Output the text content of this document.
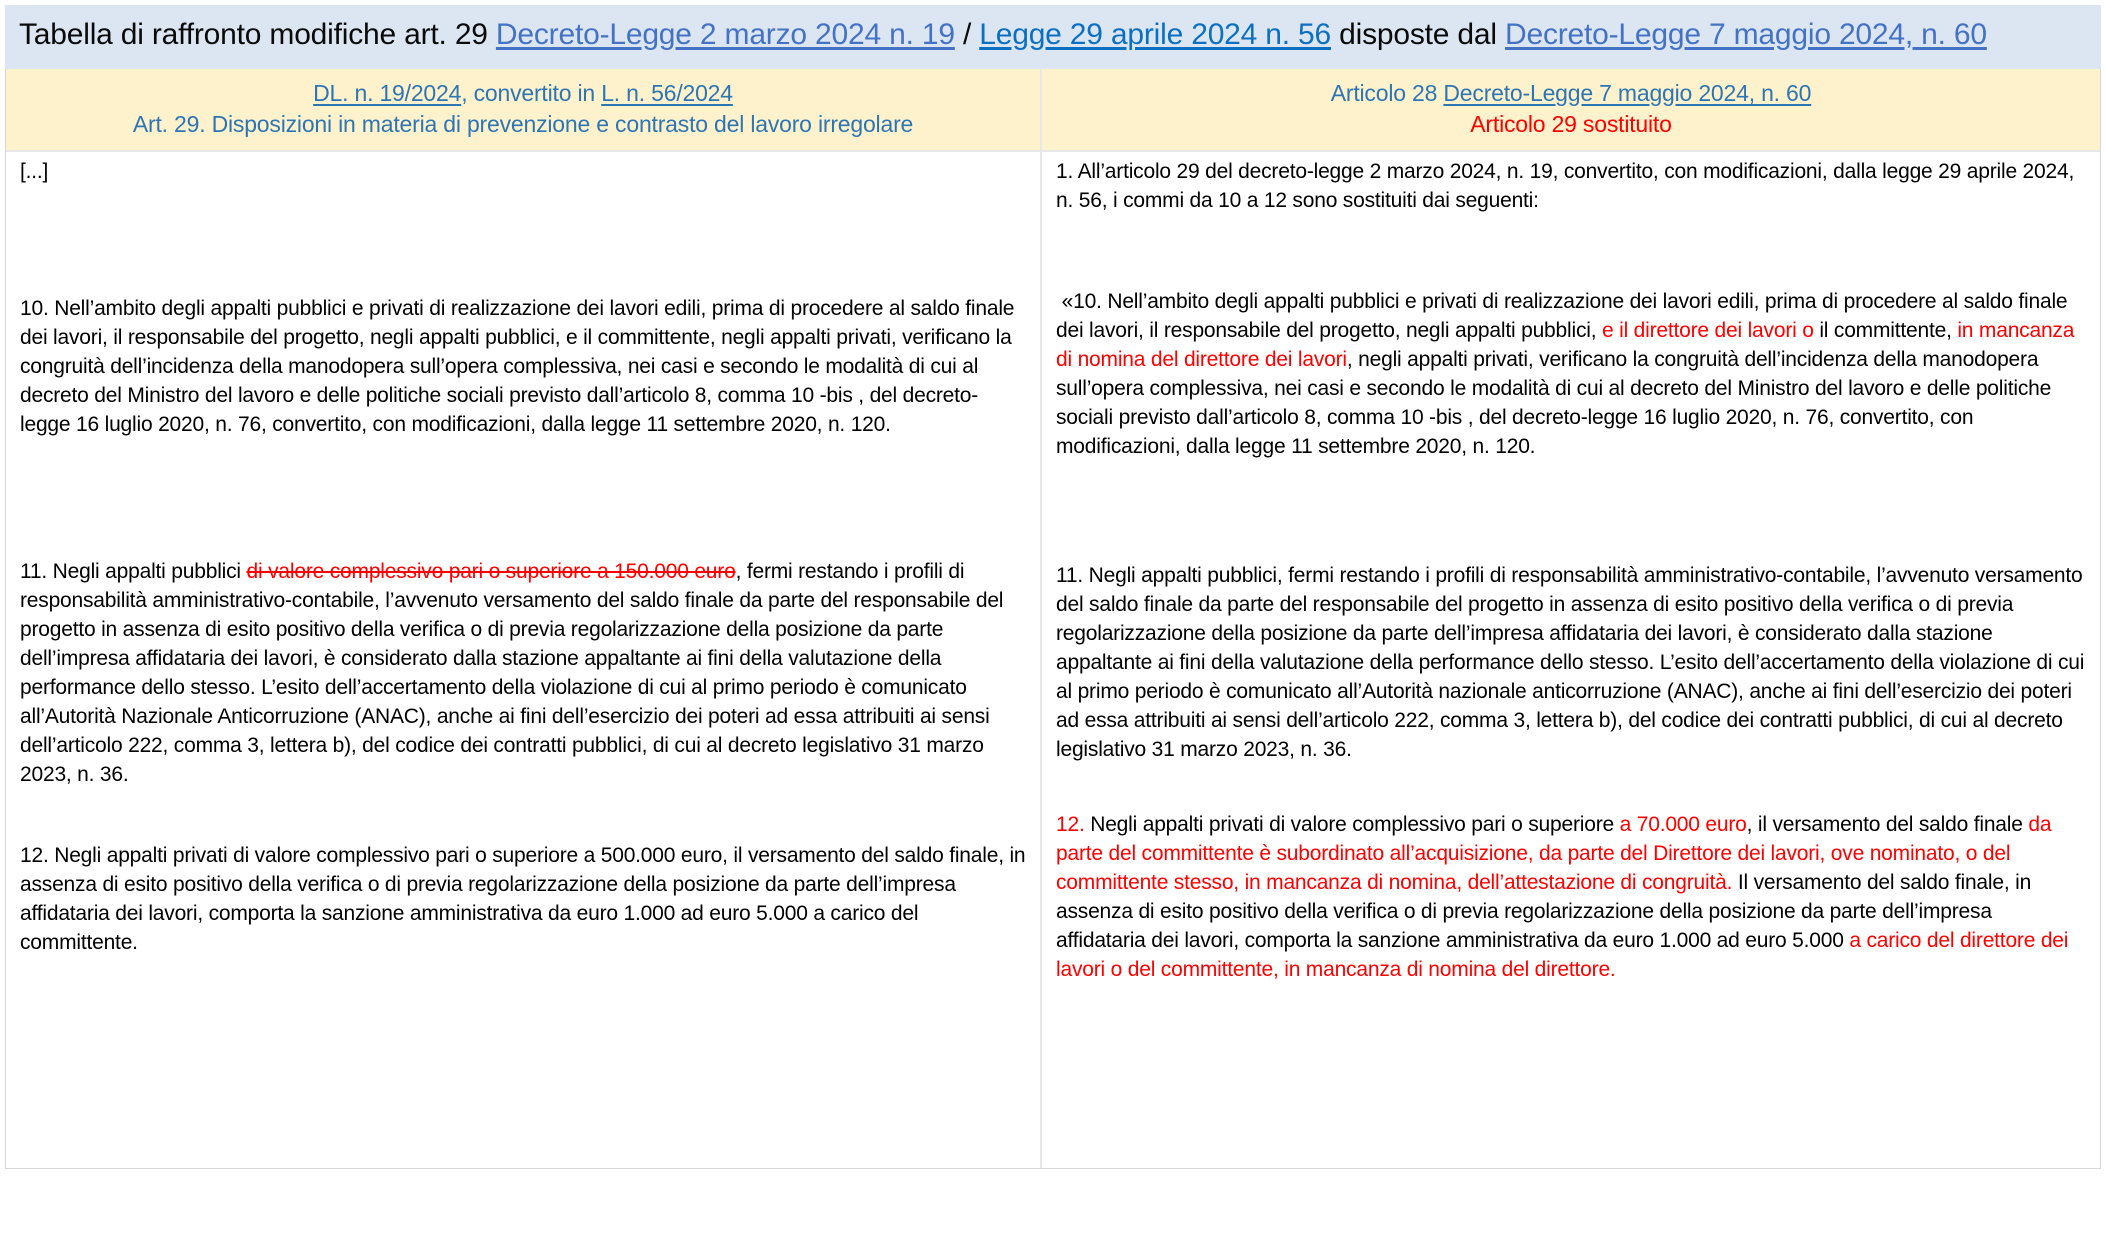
Tabella di raffronto modifiche art. 29 Decreto-Legge 2 marzo 2024 n. 19 / Legge 29 aprile 2024 n. 56 disposte dal Decreto-Legge 7 maggio 2024, n. 60
DL. n. 19/2024, convertito in L. n. 56/2024
Art. 29. Disposizioni in materia di prevenzione e contrasto del lavoro irregolare
Articolo 28 Decreto-Legge 7 maggio 2024, n. 60
Articolo 29 sostituito

[...]

10. Nell’ambito degli appalti pubblici e privati di realizzazione dei lavori edili, prima di procedere al saldo finale dei lavori, il responsabile del progetto, negli appalti pubblici, e il committente, negli appalti privati, verificano la congruità dell’incidenza della manodopera sull’opera complessiva, nei casi e secondo le modalità di cui al decreto del Ministro del lavoro e delle politiche sociali previsto dall’articolo 8, comma 10 -bis , del decreto-legge 16 luglio 2020, n. 76, convertito, con modificazioni, dalla legge 11 settembre 2020, n. 120.

11. Negli appalti pubblici di valore complessivo pari o superiore a 150.000 euro, fermi restando i profili di responsabilità amministrativo-contabile, l’avvenuto versamento del saldo finale da parte del responsabile del progetto in assenza di esito positivo della verifica o di previa regolarizzazione della posizione da parte dell’impresa affidataria dei lavori, è considerato dalla stazione appaltante ai fini della valutazione della performance dello stesso. L’esito dell’accertamento della violazione di cui al primo periodo è comunicato all’Autorità Nazionale Anticorruzione (ANAC), anche ai fini dell’esercizio dei poteri ad essa attribuiti ai sensi dell’articolo 222, comma 3, lettera b), del codice dei contratti pubblici, di cui al decreto legislativo 31 marzo 2023, n. 36.

12. Negli appalti privati di valore complessivo pari o superiore a 500.000 euro, il versamento del saldo finale, in assenza di esito positivo della verifica o di previa regolarizzazione della posizione da parte dell’impresa affidataria dei lavori, comporta la sanzione amministrativa da euro 1.000 ad euro 5.000 a carico del committente.

1. All’articolo 29 del decreto-legge 2 marzo 2024, n. 19, convertito, con modificazioni, dalla legge 29 aprile 2024, n. 56, i commi da 10 a 12 sono sostituiti dai seguenti:

«10. Nell’ambito degli appalti pubblici e privati di realizzazione dei lavori edili, prima di procedere al saldo finale dei lavori, il responsabile del progetto, negli appalti pubblici, e il direttore dei lavori o il committente, in mancanza di nomina del direttore dei lavori, negli appalti privati, verificano la congruità dell’incidenza della manodopera sull’opera complessiva, nei casi e secondo le modalità di cui al decreto del Ministro del lavoro e delle politiche sociali previsto dall’articolo 8, comma 10 -bis , del decreto-legge 16 luglio 2020, n. 76, convertito, con modificazioni, dalla legge 11 settembre 2020, n. 120.

11. Negli appalti pubblici, fermi restando i profili di responsabilità amministrativo-contabile, l’avvenuto versamento del saldo finale da parte del responsabile del progetto in assenza di esito positivo della verifica o di previa regolarizzazione della posizione da parte dell’impresa affidataria dei lavori, è considerato dalla stazione appaltante ai fini della valutazione della performance dello stesso. L’esito dell’accertamento della violazione di cui al primo periodo è comunicato all’Autorità nazionale anticorruzione (ANAC), anche ai fini dell’esercizio dei poteri ad essa attribuiti ai sensi dell’articolo 222, comma 3, lettera b), del codice dei contratti pubblici, di cui al decreto legislativo 31 marzo 2023, n. 36.

12. Negli appalti privati di valore complessivo pari o superiore a 70.000 euro, il versamento del saldo finale da parte del committente è subordinato all’acquisizione, da parte del Direttore dei lavori, ove nominato, o del committente stesso, in mancanza di nomina, dell’attestazione di congruità. Il versamento del saldo finale, in assenza di esito positivo della verifica o di previa regolarizzazione della posizione da parte dell’impresa affidataria dei lavori, comporta la sanzione amministrativa da euro 1.000 ad euro 5.000 a carico del direttore dei lavori o del committente, in mancanza di nomina del direttore.
